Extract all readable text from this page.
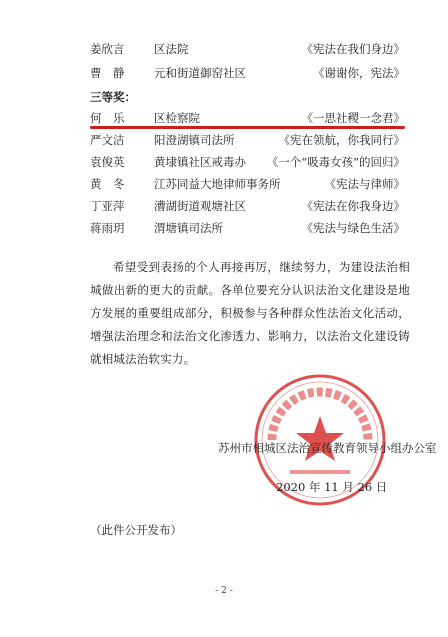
姜欣言	区法院	《宪法在我们身边》
曹　静	元和街道御窑社区	《谢谢你，宪法》
三等奖：
何　乐	区检察院	《一思社稷一念君》
严文洁	阳澄湖镇司法所	《宪在领航，你我同行》
袁俊英	黄埭镇社区戒毒办 《一个“吸毒女孩”的回归》
黄　冬	江苏同益大地律师事务所	《宪法与律师》
丁亚萍	漕湖街道观塘社区	《宪法在你我身边》
蒋雨玥	渭塘镇司法所	《宪法与绿色生活》
希望受到表扬的个人再接再厉，继续努力，为建设法治相城做出新的更大的贡献。各单位要充分认识法治文化建设是地方发展的重要组成部分，积极参与各种群众性法治文化活动，增强法治理念和法治文化渗透力、影响力，以法治文化建设铸就相城法治软实力。
苏州市相城区法治宣传教育领导小组办公室
2020 年 11 月 26 日
（此件公开发布）
- 2 -
